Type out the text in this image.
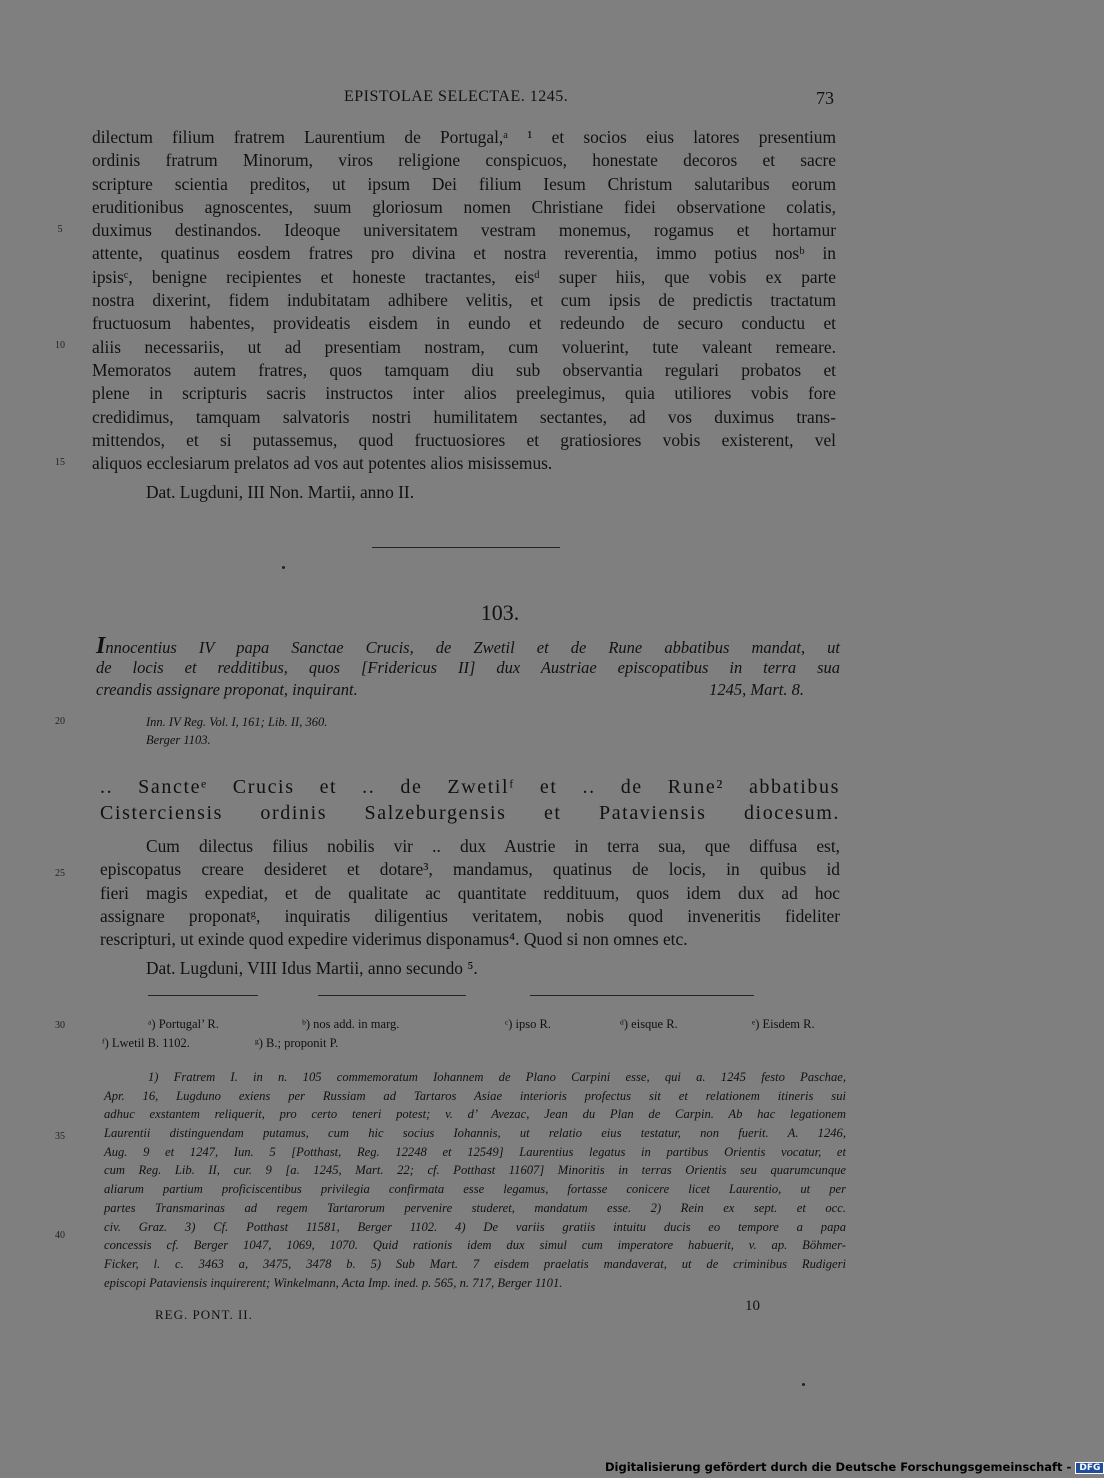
EPISTOLAE SELECTAE. 1245.	73
dilectum filium fratrem Laurentium de Portugal,ᵃ ¹ et socios eius latores presentium
ordinis fratrum Minorum, viros religione conspicuos, honestate decoros et sacre
scripture scientia preditos, ut ipsum Dei filium Iesum Christum salutaribus eorum
eruditionibus agnoscentes, suum gloriosum nomen Christiane fidei observatione colatis,
duximus destinandos. Ideoque universitatem vestram monemus, rogamus et hortamur
attente, quatinus eosdem fratres pro divina et nostra reverentia, immo potius nosᵇ in
ipsisᶜ, benigne recipientes et honeste tractantes, eisᵈ super hiis, que vobis ex parte
nostra dixerint, fidem indubitatam adhibere velitis, et cum ipsis de predictis tractatum
fructuosum habentes, provideatis eisdem in eundo et redeundo de securo conductu et
aliis necessariis, ut ad presentiam nostram, cum voluerint, tute valeant remeare.
Memoratos autem fratres, quos tamquam diu sub observantia regulari probatos et
plene in scripturis sacris instructos inter alios preelegimus, quia utiliores vobis fore
credidimus, tamquam salvatoris nostri humilitatem sectantes, ad vos duximus trans-
mittendos, et si putassemus, quod fructuosiores et gratiosiores vobis existerent, vel
aliquos ecclesiarum prelatos ad vos aut potentes alios misissemus.
5
10
15
Dat. Lugduni, III Non. Martii, anno II.
103.
Innocentius IV papa Sanctae Crucis, de Zwetil et de Rune abbatibus mandat, ut
de locis et redditibus, quos [Fridericus II] dux Austriae episcopatibus in terra sua
creandis assignare proponat, inquirant.	1245, Mart. 8.
20	Inn. IV Reg. Vol. I, 161; Lib. II, 360.
Berger 1103.
.. Sancteᵉ Crucis et .. de Zwetilᶠ et .. de Rune² abbatibus
Cisterciensis ordinis Salzeburgensis et Pataviensis diocesum.
Cum dilectus filius nobilis vir .. dux Austrie in terra sua, que diffusa est,
episcopatus creare desideret et dotare³, mandamus, quatinus de locis, in quibus id
fieri magis expediat, et de qualitate ac quantitate reddituum, quos idem dux ad hoc
assignare proponatᵍ, inquiratis diligentius veritatem, nobis quod inveneritis fideliter
rescripturi, ut exinde quod expedire viderimus disponamus⁴. Quod si non omnes etc.
25
Dat. Lugduni, VIII Idus Martii, anno secundo ⁵.
ᵃ) Portugal’ R.	ᵇ) nos add. in marg.	ᶜ) ipso R.	ᵈ) eisque R.	ᵉ) Eisdem R.
ᶠ) Lwetil B. 1102.	ᵍ) B.; proponit P.
30
1) Fratrem I. in n. 105 commemoratum Iohannem de Plano Carpini esse, qui a. 1245 festo Paschae,
Apr. 16, Lugduno exiens per Russiam ad Tartaros Asiae interioris profectus sit et relationem itineris sui
adhuc exstantem reliquerit, pro certo teneri potest; v. d’ Avezac, Jean du Plan de Carpin. Ab hac legationem
Laurentii distinguendam putamus, cum hic socius Iohannis, ut relatio eius testatur, non fuerit. A. 1246,
Aug. 9 et 1247, Iun. 5 [Potthast, Reg. 12248 et 12549] Laurentius legatus in partibus Orientis vocatur, et
cum Reg. Lib. II, cur. 9 [a. 1245, Mart. 22; cf. Potthast 11607] Minoritis in terras Orientis seu quarumcunque
aliarum partium proficiscentibus privilegia confirmata esse legamus, fortasse conicere licet Laurentio, ut per
partes Transmarinas ad regem Tartarorum pervenire studeret, mandatum esse. 2) Rein ex sept. et occ.
civ. Graz. 3) Cf. Potthast 11581, Berger 1102. 4) De variis gratiis intuitu ducis eo tempore a papa
concessis cf. Berger 1047, 1069, 1070. Quid rationis idem dux simul cum imperatore habuerit, v. ap. Böhmer-
Ficker, l. c. 3463 a, 3475, 3478 b. 5) Sub Mart. 7 eisdem praelatis mandaverat, ut de criminibus Rudigeri
episcopi Pataviensis inquirerent; Winkelmann, Acta Imp. ined. p. 565, n. 717, Berger 1101.
35
40
REG. PONT. II.
10
Digitalisierung gefördert durch die Deutsche Forschungsgemeinschaft - DFG
